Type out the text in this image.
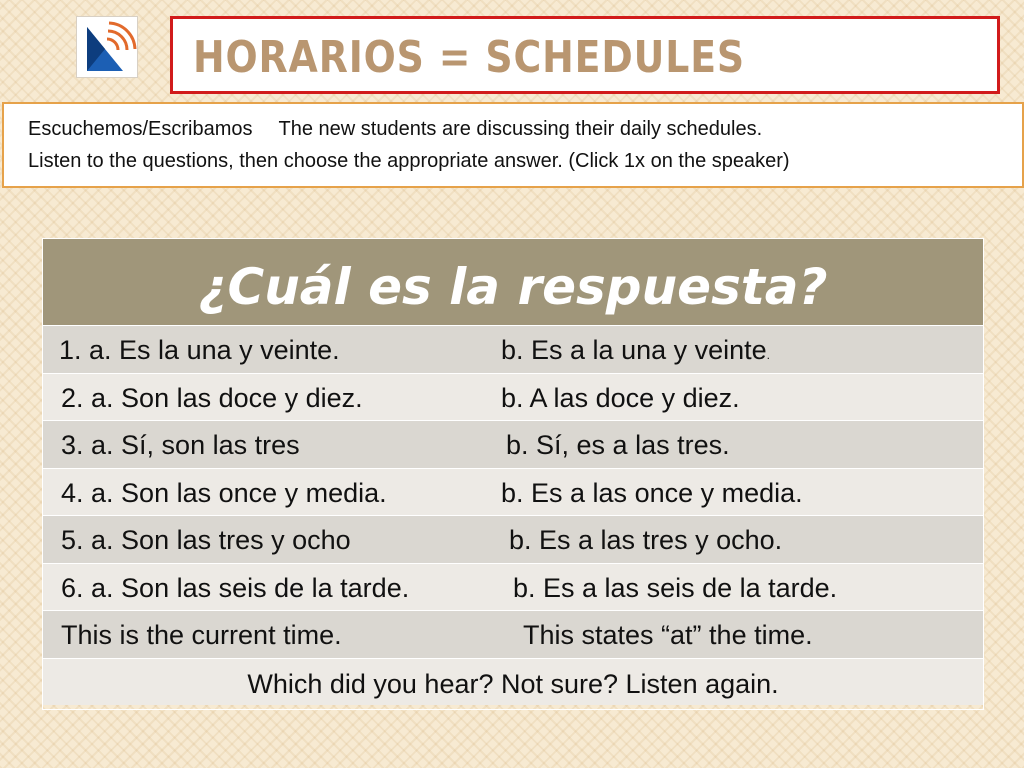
HORARIOS = SCHEDULES
Escuchemos/Escribamos The new students are discussing their daily schedules.
Listen to the questions, then choose the appropriate answer. (Click 1x on the speaker)
¿Cuál es la respuesta?
1. a. Es la una y veinte.	b. Es a la una y veinte.
2. a. Son las doce y diez.	b. A las doce y diez.
3. a. Sí, son las tres	b. Sí, es a las tres.
4. a. Son las once y media.	b. Es a las once y media.
5. a. Son las tres y ocho	b. Es a las tres y ocho.
6. a. Son las seis de la tarde.	b. Es a las seis de la tarde.
This is the current time.	This states “at” the time.
Which did you hear? Not sure? Listen again.
